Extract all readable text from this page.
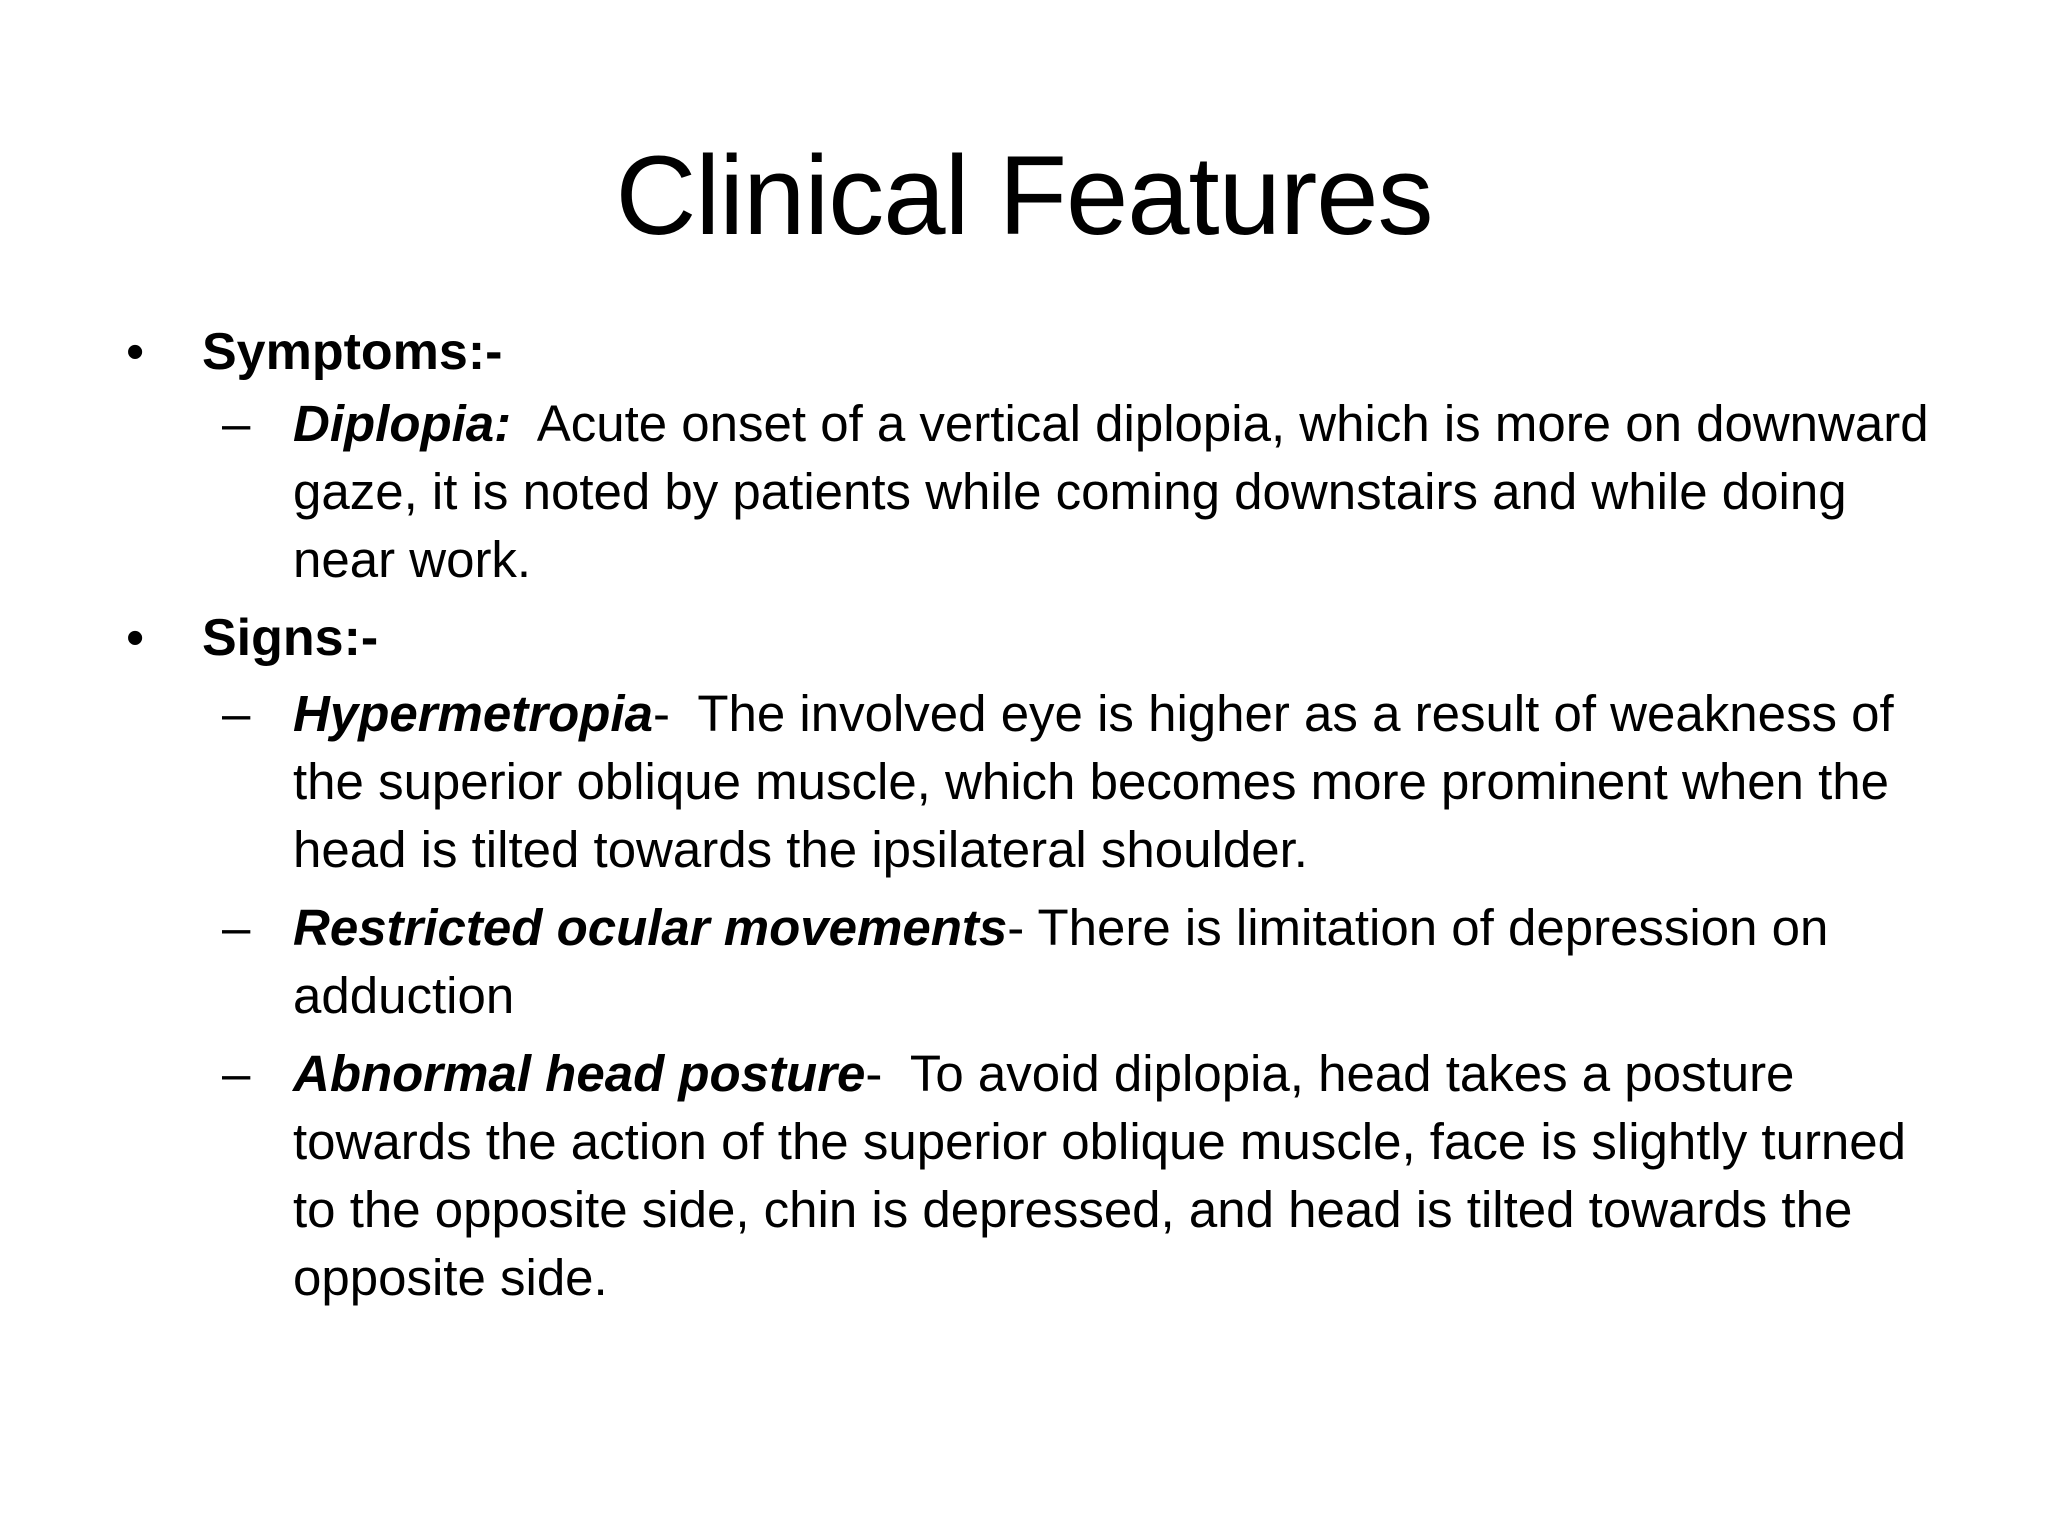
Clinical Features
• Symptoms:-
– Diplopia: Acute onset of a vertical diplopia, which is more on downward gaze, it is noted by patients while coming downstairs and while doing near work.
• Signs:-
– Hypermetropia-  The involved eye is higher as a result of weakness of the superior oblique muscle, which becomes more prominent when the head is tilted towards the ipsilateral shoulder.
– Restricted ocular movements- There is limitation of depression on adduction
– Abnormal head posture-  To avoid diplopia, head takes a posture towards the action of the superior oblique muscle, face is slightly turned to the opposite side, chin is depressed, and head is tilted towards the opposite side.
